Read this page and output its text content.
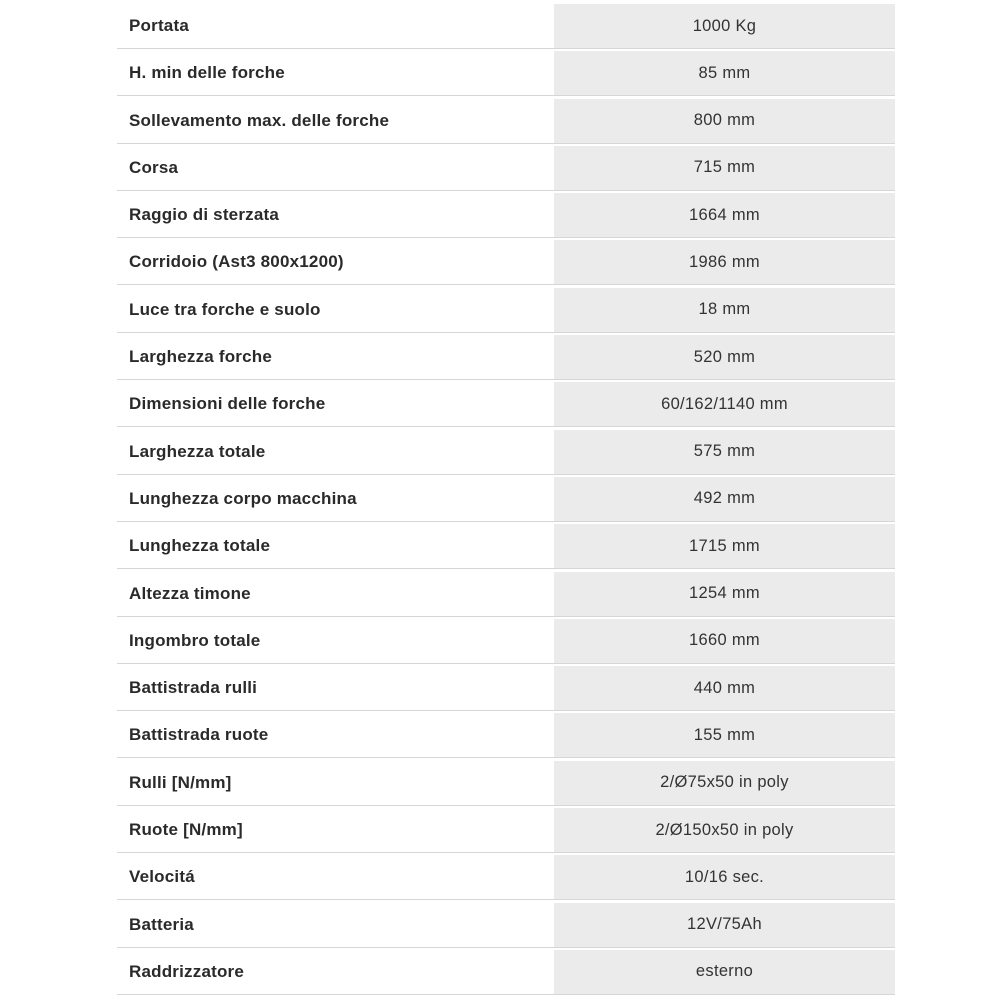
Portata	1000 Kg
H. min delle forche	85 mm
Sollevamento max. delle forche	800 mm
Corsa	715 mm
Raggio di sterzata	1664 mm
Corridoio (Ast3 800x1200)	1986 mm
Luce tra forche e suolo	18 mm
Larghezza forche	520 mm
Dimensioni delle forche	60/162/1140 mm
Larghezza totale	575 mm
Lunghezza corpo macchina	492 mm
Lunghezza totale	1715 mm
Altezza timone	1254 mm
Ingombro totale	1660 mm
Battistrada rulli	440 mm
Battistrada ruote	155 mm
Rulli [N/mm]	2/Ø75x50 in poly
Ruote [N/mm]	2/Ø150x50 in poly
Velocitá	10/16 sec.
Batteria	12V/75Ah
Raddrizzatore	esterno
